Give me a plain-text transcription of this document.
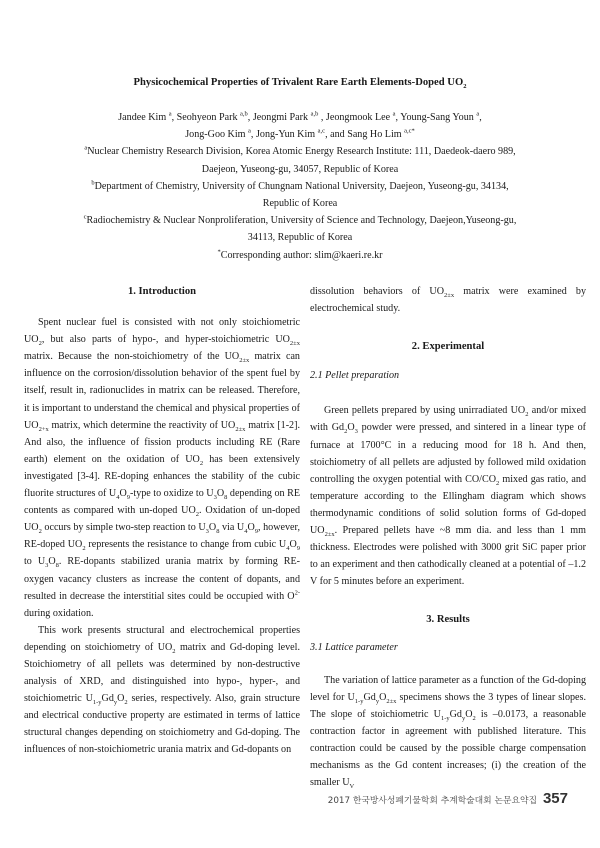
Physicochemical Properties of Trivalent Rare Earth Elements-Doped $UO_2$
Jandee Kim $^a$, Seohyeon Park $^{a,b}$, Jeongmi Park $^{a,b}$ , Jeongmook Lee $^a$, Young-Sang Youn $^a$,
Jong-Goo Kim $^a$, Jong-Yun Kim $^{a,c}$, and Sang Ho Lim $^{a,c*}$
$^a$Nuclear Chemistry Research Division, Korea Atomic Energy Research Institute: 111, Daedeok-daero 989,
Daejeon, Yuseong-gu, 34057, Republic of Korea
$^b$Department of Chemistry, University of Chungnam National University, Daejeon, Yuseong-gu, 34134,
Republic of Korea
$^c$Radiochemistry & Nuclear Nonproliferation, University of Science and Technology, Daejeon,Yuseong-gu,
34113, Republic of Korea
*Corresponding author: slim@kaeri.re.kr

1. Introduction

Spent nuclear fuel is consisted with not only stoichiometric $UO_2$, but also parts of hypo-, and hyper-stoichiometric $UO_{2\pm x}$ matrix. Because the non-stoichiometry of the $UO_{2\pm x}$ matrix can influence on the corrosion/dissolution behavior of the spent fuel by itself, result in, radionuclides in matrix can be released. Therefore, it is important to understand the chemical and physical properties of $UO_{2+x}$ matrix, which determine the reactivity of $UO_{2\pm x}$ matrix [1-2]. And also, the influence of fission products including RE (Rare earth) element on the oxidation of $UO_2$ has been extensively investigated [3-4]. RE-doping enhances the stability of the cubic fluorite structures of $U_4O_9$-type to oxidize to $U_3O_8$ depending on RE contents as compared with un-doped $UO_2$. Oxidation of un-doped $UO_2$ occurs by simple two-step reaction to $U_3O_8$ via $U_4O_9$, however, RE-doped $UO_2$ represents the resistance to change from cubic $U_4O_9$ to $U_3O_8$. RE-dopants stabilized urania matrix by forming RE-oxygen vacancy clusters as increase the content of dopants, and resulted in decrease the interstitial sites could be occupied with $O^{2-}$ during oxidation.

This work presents structural and electrochemical properties depending on stoichiometry of $UO_2$ matrix and Gd-doping level. Stoichiometry of all pellets was determined by non-destructive analysis of XRD, and distinguished into hypo-, hyper-, and stoichiometric $U_{1-y}Gd_yO_2$ series, respectively. Also, grain structure and electrical conductive property are estimated in terms of lattice structural changes depending on stoichiometry and Gd-doping. The influences of non-stoichiometric urania matrix and Gd-dopants on

dissolution behaviors of $UO_{2\pm x}$ matrix were examined by electrochemical study.

2. Experimental

2.1 Pellet preparation

Green pellets prepared by using unirradiated $UO_2$ and/or mixed with $Gd_2O_3$ powder were pressed, and sintered in a linear type of furnace at 1700°C in a reducing mood for 18 h. And then, stoichiometry of all pellets are adjusted by followed mild oxidation controlling the oxygen potential with $CO/CO_2$ mixed gas ratio, and temperature according to the Ellingham diagram which shows thermodynamic conditions of solid solution forms of Gd-doped $UO_{2\pm x}$. Prepared pellets have ~8 mm dia. and less than 1 mm thickness. Electrodes were polished with 3000 grit SiC paper prior to an experiment and then cathodically cleaned at a potential of –1.2 V for 5 minutes before an experiment.

3. Results

3.1 Lattice parameter

The variation of lattice parameter as a function of the Gd-doping level for $U_{1-y}Gd_yO_{2\pm x}$ specimens shows the 3 types of linear slopes. The slope of stoichiometric $U_{1-y}Gd_yO_2$ is –0.0173, a reasonable contraction factor in agreement with published literature. This contraction could be caused by the possible charge compensation mechanisms as the Gd content increases; (i) the creation of the smaller $U_V$

2017 한국방사성폐기물학회 추계학술대회 논문요약집 357
